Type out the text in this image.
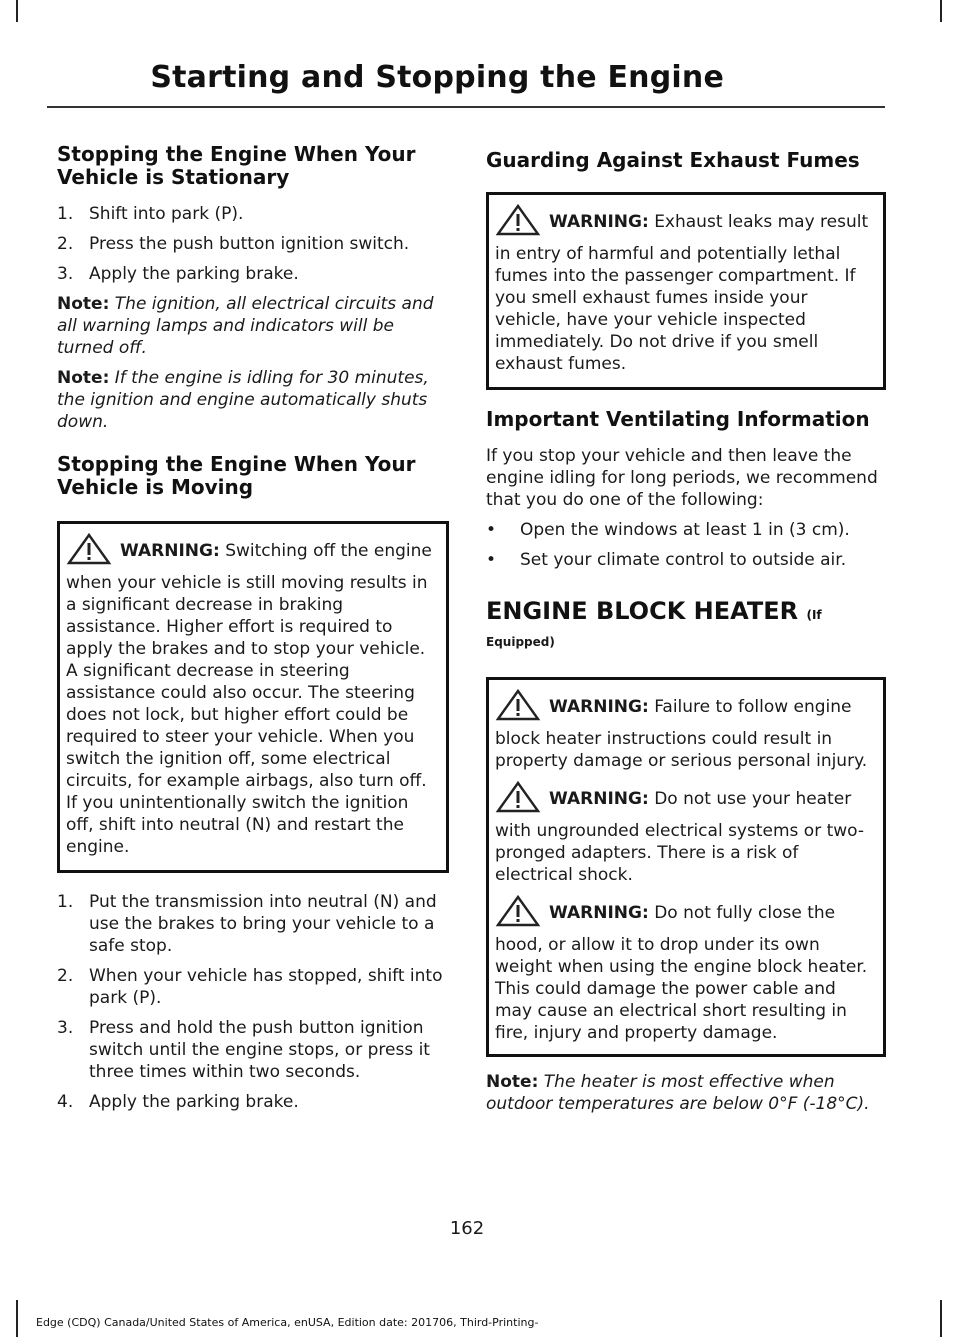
Starting and Stopping the Engine
Stopping the Engine When Your Vehicle is Stationary
1. Shift into park (P).
2. Press the push button ignition switch.
3. Apply the parking brake.

Note: The ignition, all electrical circuits and all warning lamps and indicators will be turned off.

Note: If the engine is idling for 30 minutes, the ignition and engine automatically shuts down.

Stopping the Engine When Your Vehicle is Moving
WARNING: Switching off the engine when your vehicle is still moving results in a significant decrease in braking assistance. Higher effort is required to apply the brakes and to stop your vehicle. A significant decrease in steering assistance could also occur. The steering does not lock, but higher effort could be required to steer your vehicle. When you switch the ignition off, some electrical circuits, for example airbags, also turn off. If you unintentionally switch the ignition off, shift into neutral (N) and restart the engine.
1. Put the transmission into neutral (N) and use the brakes to bring your vehicle to a safe stop.
2. When your vehicle has stopped, shift into park (P).
3. Press and hold the push button ignition switch until the engine stops, or press it three times within two seconds.
4. Apply the parking brake.
Guarding Against Exhaust Fumes
WARNING: Exhaust leaks may result in entry of harmful and potentially lethal fumes into the passenger compartment. If you smell exhaust fumes inside your vehicle, have your vehicle inspected immediately. Do not drive if you smell exhaust fumes.
Important Ventilating Information

If you stop your vehicle and then leave the engine idling for long periods, we recommend that you do one of the following:

• Open the windows at least 1 in (3 cm).
• Set your climate control to outside air.

ENGINE BLOCK HEATER (If

Equipped)

WARNING: Failure to follow engine block heater instructions could result in property damage or serious personal injury.
WARNING: Do not use your heater with ungrounded electrical systems or two-pronged adapters. There is a risk of electrical shock.
WARNING: Do not fully close the hood, or allow it to drop under its own weight when using the engine block heater. This could damage the power cable and may cause an electrical short resulting in fire, injury and property damage.

Note: The heater is most effective when outdoor temperatures are below 0°F (-18°C).

162
Edge (CDQ) Canada/United States of America, enUSA, Edition date: 201706, Third-Printing-
